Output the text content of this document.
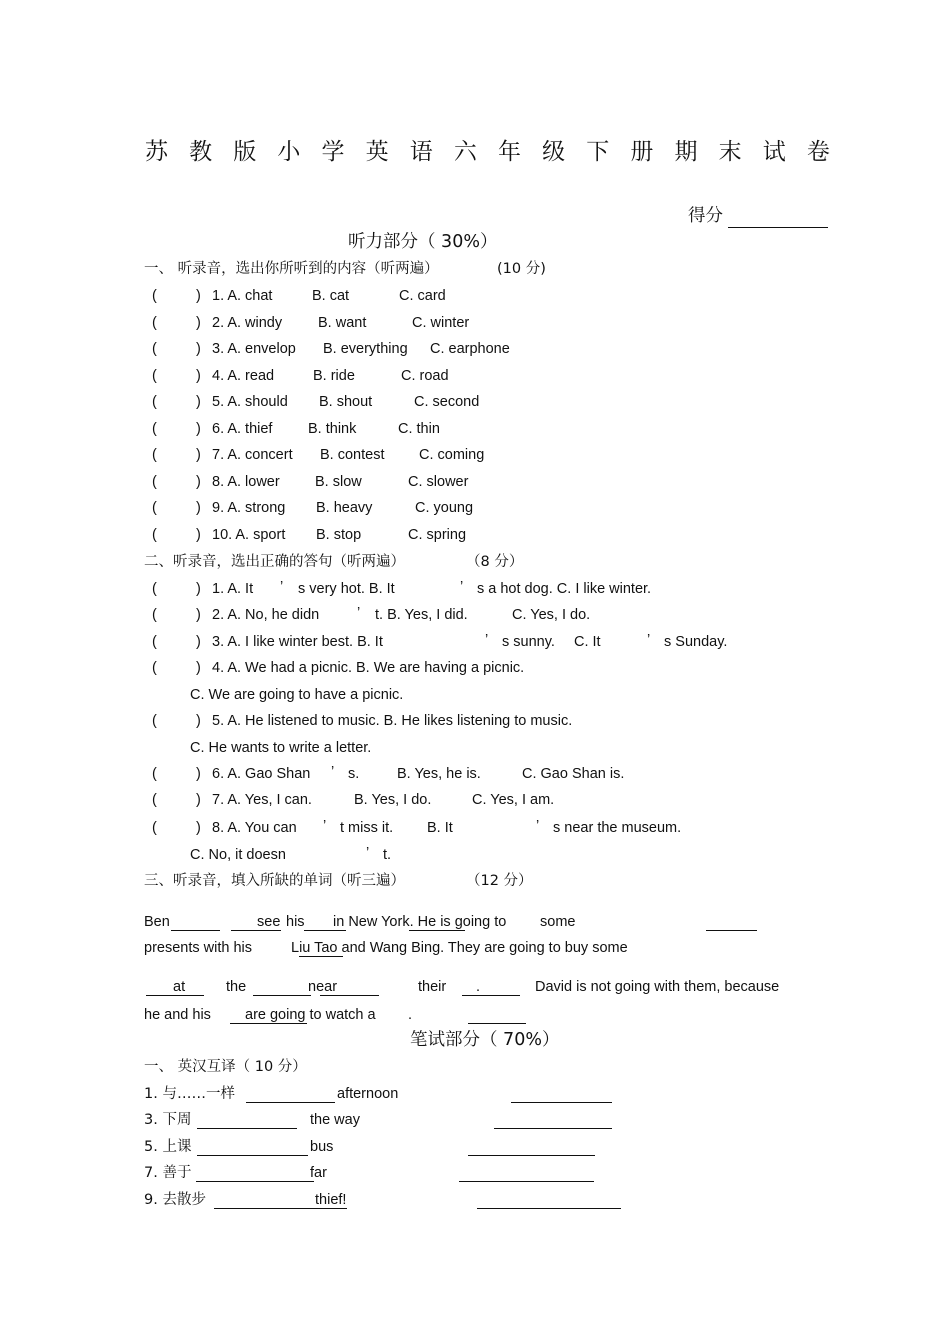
苏 教 版 小 学 英 语 六 年 级 下 册 期 末 试 卷
得分
听力部分（ 30%）
一、 听录音，选出你所听到的内容（听两遍）	(10 分)
(	) 1. A. chat	B. cat	C. card
(	) 2. A. windy B. want	C. winter
(	) 3. A. envelop B. everything C. earphone
(	) 4. A. read	B. ride	C. road
(	) 5. A. should B. shout	C. second
(	) 6. A. thief B. think	C. thin
(	) 7. A. concert B. contest C. coming
(	) 8. A. lower B. slow	C. slower
(	) 9. A. strong B. heavy	C. young
(	) 10. A. sport B. stop	C. spring
二、听录音，选出正确的答句（听两遍）	（8 分）
(	) 1. A. It ’ s very hot. B. It	’ s a hot dog. C. I like winter.
(	) 2. A. No, he didn	’ t. B. Yes, I did.	C. Yes, I do.
(	) 3. A. I like winter best. B. It	’ s sunny. C. It	’ s Sunday.
(	) 4. A. We had a picnic. B. We are having a picnic.
C. We are going to have a picnic.
(	) 5. A. He listened to music. B. He likes listening to music.
C. He wants to write a letter.
(	) 6. A. Gao Shan ’ s.	B. Yes, he is.	C. Gao Shan is.
(	) 7. A. Yes, I can.	B. Yes, I do.	C. Yes, I am.
(	) 8. A. You can ’ t miss it. B. It	’ s near the museum.
C. No, it doesn	’ t.
三、听录音，填入所缺的单词（听三遍）	（12 分）
Ben	see his in New York. He is going to some
presents with his	Liu Tao and Wang Bing. They are going to buy some
at	the	near	their .	David is not going with them, because
he and his are going to watch a .
笔试部分（ 70%）
一、 英汉互译（ 10 分）
1. 与……一样	afternoon
3. 下周	the way
5. 上课	bus
7. 善于	far
9. 去散步	thief!
